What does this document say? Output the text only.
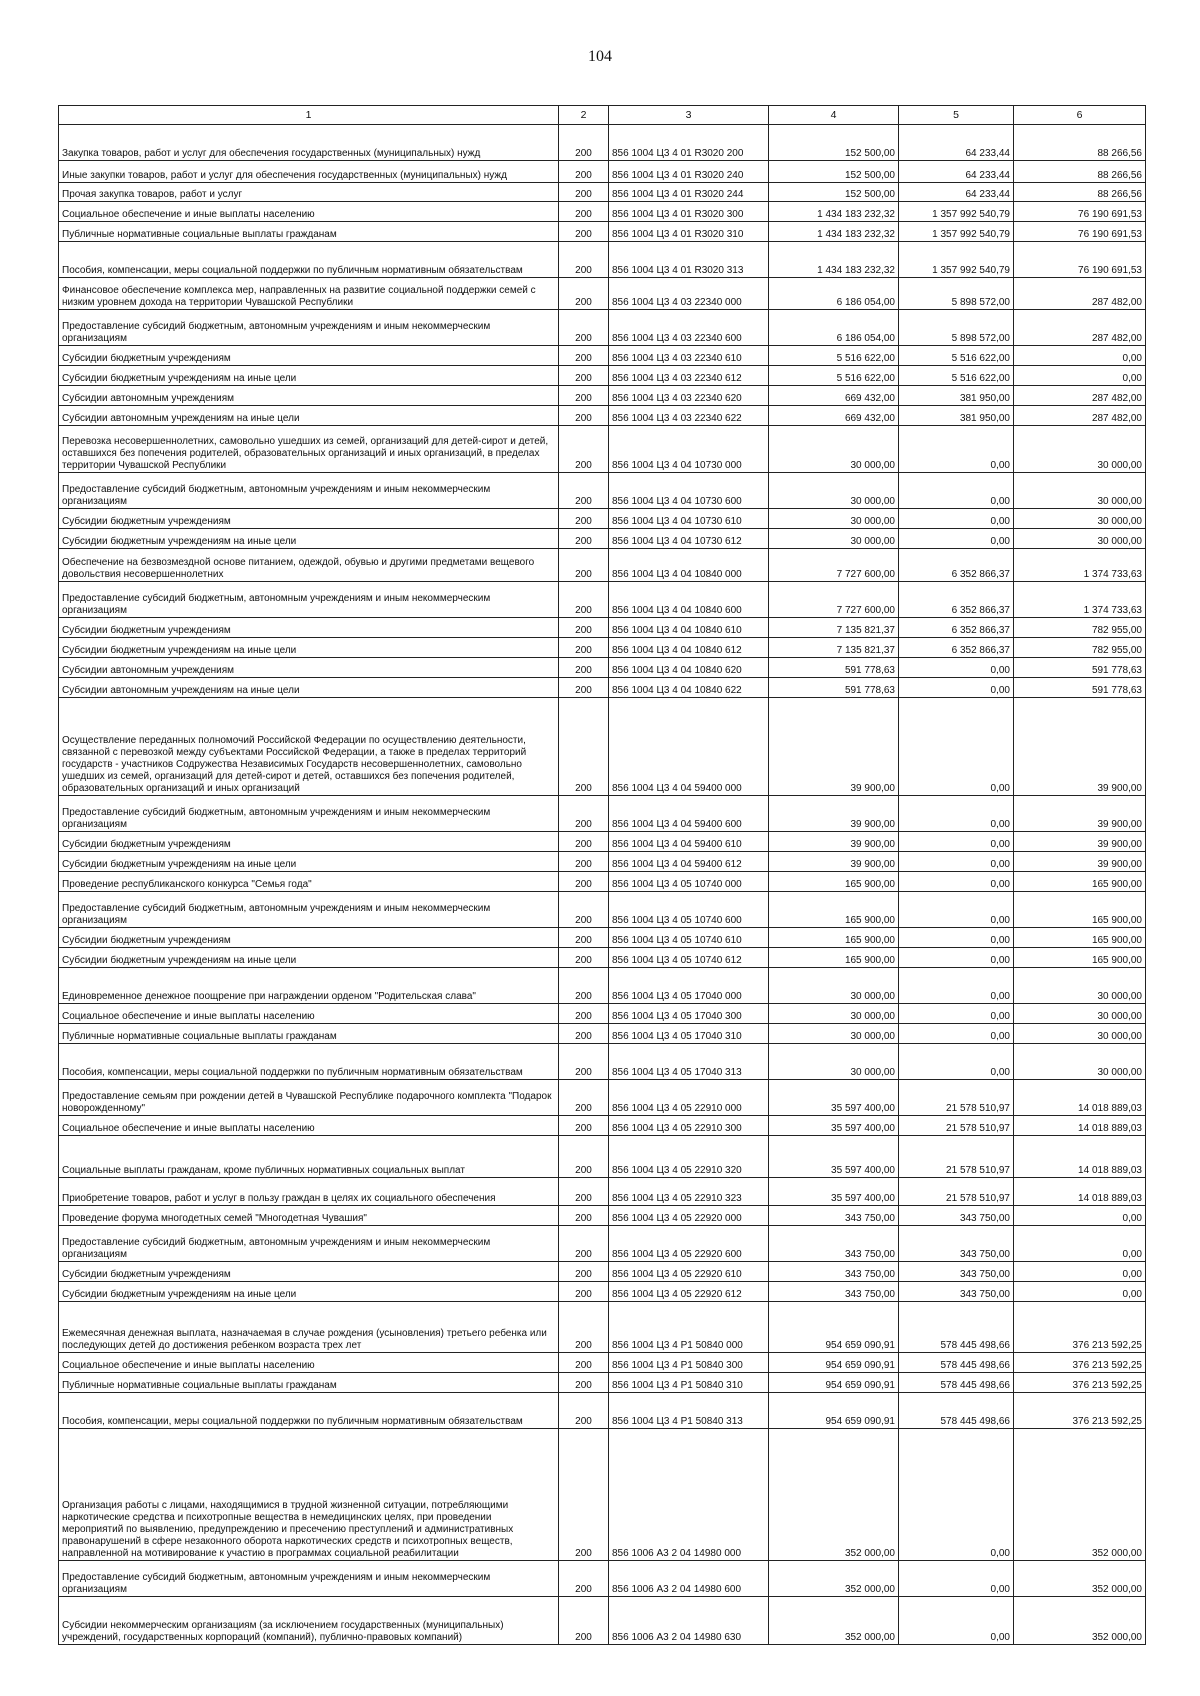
104
1	2	3	4	5	6
Закупка товаров, работ и услуг для обеспечения государственных (муниципальных) нужд	200	856 1004 Ц3 4 01 R3020 200	152 500,00	64 233,44	88 266,56
Иные закупки товаров, работ и услуг для обеспечения государственных (муниципальных) нужд	200	856 1004 Ц3 4 01 R3020 240	152 500,00	64 233,44	88 266,56
Прочая закупка товаров, работ и услуг	200	856 1004 Ц3 4 01 R3020 244	152 500,00	64 233,44	88 266,56
Социальное обеспечение и иные выплаты населению	200	856 1004 Ц3 4 01 R3020 300	1 434 183 232,32	1 357 992 540,79	76 190 691,53
Публичные нормативные социальные выплаты гражданам	200	856 1004 Ц3 4 01 R3020 310	1 434 183 232,32	1 357 992 540,79	76 190 691,53
Пособия, компенсации, меры социальной поддержки по публичным нормативным обязательствам	200	856 1004 Ц3 4 01 R3020 313	1 434 183 232,32	1 357 992 540,79	76 190 691,53
Финансовое обеспечение комплекса мер, направленных на развитие социальной поддержки семей с низким уровнем дохода на территории Чувашской Республики	200	856 1004 Ц3 4 03 22340 000	6 186 054,00	5 898 572,00	287 482,00
Предоставление субсидий бюджетным, автономным учреждениям и иным некоммерческим организациям	200	856 1004 Ц3 4 03 22340 600	6 186 054,00	5 898 572,00	287 482,00
Субсидии бюджетным учреждениям	200	856 1004 Ц3 4 03 22340 610	5 516 622,00	5 516 622,00	0,00
Субсидии бюджетным учреждениям на иные цели	200	856 1004 Ц3 4 03 22340 612	5 516 622,00	5 516 622,00	0,00
Субсидии автономным учреждениям	200	856 1004 Ц3 4 03 22340 620	669 432,00	381 950,00	287 482,00
Субсидии автономным учреждениям на иные цели	200	856 1004 Ц3 4 03 22340 622	669 432,00	381 950,00	287 482,00
Перевозка несовершеннолетних, самовольно ушедших из семей, организаций для детей-сирот и детей, оставшихся без попечения родителей, образовательных организаций и иных организаций, в пределах территории Чувашской Республики	200	856 1004 Ц3 4 04 10730 000	30 000,00	0,00	30 000,00
Предоставление субсидий бюджетным, автономным учреждениям и иным некоммерческим организациям	200	856 1004 Ц3 4 04 10730 600	30 000,00	0,00	30 000,00
Субсидии бюджетным учреждениям	200	856 1004 Ц3 4 04 10730 610	30 000,00	0,00	30 000,00
Субсидии бюджетным учреждениям на иные цели	200	856 1004 Ц3 4 04 10730 612	30 000,00	0,00	30 000,00
Обеспечение на безвозмездной основе питанием, одеждой, обувью и другими предметами вещевого довольствия несовершеннолетних	200	856 1004 Ц3 4 04 10840 000	7 727 600,00	6 352 866,37	1 374 733,63
Предоставление субсидий бюджетным, автономным учреждениям и иным некоммерческим организациям	200	856 1004 Ц3 4 04 10840 600	7 727 600,00	6 352 866,37	1 374 733,63
Субсидии бюджетным учреждениям	200	856 1004 Ц3 4 04 10840 610	7 135 821,37	6 352 866,37	782 955,00
Субсидии бюджетным учреждениям на иные цели	200	856 1004 Ц3 4 04 10840 612	7 135 821,37	6 352 866,37	782 955,00
Субсидии автономным учреждениям	200	856 1004 Ц3 4 04 10840 620	591 778,63	0,00	591 778,63
Субсидии автономным учреждениям на иные цели	200	856 1004 Ц3 4 04 10840 622	591 778,63	0,00	591 778,63
Осуществление переданных полномочий Российской Федерации по осуществлению деятельности, связанной с перевозкой между субъектами Российской Федерации, а также в пределах территорий государств - участников Содружества Независимых Государств несовершеннолетних, самовольно ушедших из семей, организаций для детей-сирот и детей, оставшихся без попечения родителей, образовательных организаций и иных организаций	200	856 1004 Ц3 4 04 59400 000	39 900,00	0,00	39 900,00
Предоставление субсидий бюджетным, автономным учреждениям и иным некоммерческим организациям	200	856 1004 Ц3 4 04 59400 600	39 900,00	0,00	39 900,00
Субсидии бюджетным учреждениям	200	856 1004 Ц3 4 04 59400 610	39 900,00	0,00	39 900,00
Субсидии бюджетным учреждениям на иные цели	200	856 1004 Ц3 4 04 59400 612	39 900,00	0,00	39 900,00
Проведение республиканского конкурса "Семья года"	200	856 1004 Ц3 4 05 10740 000	165 900,00	0,00	165 900,00
Предоставление субсидий бюджетным, автономным учреждениям и иным некоммерческим организациям	200	856 1004 Ц3 4 05 10740 600	165 900,00	0,00	165 900,00
Субсидии бюджетным учреждениям	200	856 1004 Ц3 4 05 10740 610	165 900,00	0,00	165 900,00
Субсидии бюджетным учреждениям на иные цели	200	856 1004 Ц3 4 05 10740 612	165 900,00	0,00	165 900,00
Единовременное денежное поощрение при награждении орденом "Родительская слава"	200	856 1004 Ц3 4 05 17040 000	30 000,00	0,00	30 000,00
Социальное обеспечение и иные выплаты населению	200	856 1004 Ц3 4 05 17040 300	30 000,00	0,00	30 000,00
Публичные нормативные социальные выплаты гражданам	200	856 1004 Ц3 4 05 17040 310	30 000,00	0,00	30 000,00
Пособия, компенсации, меры социальной поддержки по публичным нормативным обязательствам	200	856 1004 Ц3 4 05 17040 313	30 000,00	0,00	30 000,00
Предоставление семьям при рождении детей в Чувашской Республике подарочного комплекта "Подарок новорожденному"	200	856 1004 Ц3 4 05 22910 000	35 597 400,00	21 578 510,97	14 018 889,03
Социальное обеспечение и иные выплаты населению	200	856 1004 Ц3 4 05 22910 300	35 597 400,00	21 578 510,97	14 018 889,03
Социальные выплаты гражданам, кроме публичных нормативных социальных выплат	200	856 1004 Ц3 4 05 22910 320	35 597 400,00	21 578 510,97	14 018 889,03
Приобретение товаров, работ и услуг в пользу граждан в целях их социального обеспечения	200	856 1004 Ц3 4 05 22910 323	35 597 400,00	21 578 510,97	14 018 889,03
Проведение форума многодетных семей "Многодетная Чувашия"	200	856 1004 Ц3 4 05 22920 000	343 750,00	343 750,00	0,00
Предоставление субсидий бюджетным, автономным учреждениям и иным некоммерческим организациям	200	856 1004 Ц3 4 05 22920 600	343 750,00	343 750,00	0,00
Субсидии бюджетным учреждениям	200	856 1004 Ц3 4 05 22920 610	343 750,00	343 750,00	0,00
Субсидии бюджетным учреждениям на иные цели	200	856 1004 Ц3 4 05 22920 612	343 750,00	343 750,00	0,00
Ежемесячная денежная выплата, назначаемая в случае рождения (усыновления) третьего ребенка или последующих детей до достижения ребенком возраста трех лет	200	856 1004 Ц3 4 P1 50840 000	954 659 090,91	578 445 498,66	376 213 592,25
Социальное обеспечение и иные выплаты населению	200	856 1004 Ц3 4 P1 50840 300	954 659 090,91	578 445 498,66	376 213 592,25
Публичные нормативные социальные выплаты гражданам	200	856 1004 Ц3 4 P1 50840 310	954 659 090,91	578 445 498,66	376 213 592,25
Пособия, компенсации, меры социальной поддержки по публичным нормативным обязательствам	200	856 1004 Ц3 4 P1 50840 313	954 659 090,91	578 445 498,66	376 213 592,25
Организация работы с лицами, находящимися в трудной жизненной ситуации, потребляющими наркотические средства и психотропные вещества в немедицинских целях, при проведении мероприятий по выявлению, предупреждению и пресечению преступлений и административных правонарушений в сфере незаконного оборота наркотических средств и психотропных веществ, направленной на мотивирование к участию в программах социальной реабилитации	200	856 1006 А3 2 04 14980 000	352 000,00	0,00	352 000,00
Предоставление субсидий бюджетным, автономным учреждениям и иным некоммерческим организациям	200	856 1006 А3 2 04 14980 600	352 000,00	0,00	352 000,00
Субсидии некоммерческим организациям (за исключением государственных (муниципальных) учреждений, государственных корпораций (компаний), публично-правовых компаний)	200	856 1006 А3 2 04 14980 630	352 000,00	0,00	352 000,00
